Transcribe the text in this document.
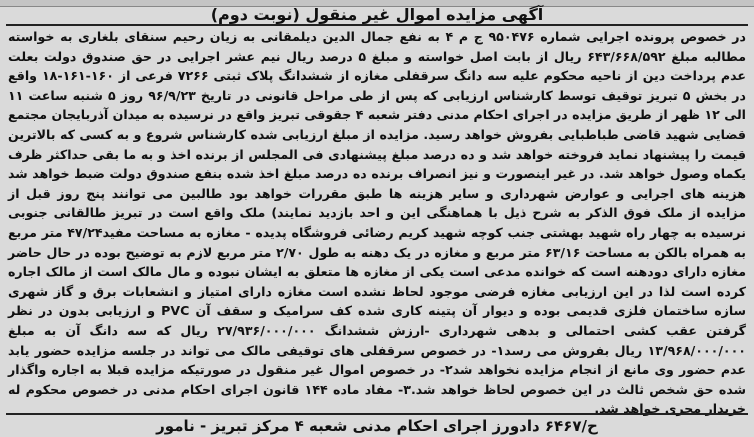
آگهی مزایده اموال غیر منقول (نوبت دوم)

در خصوص پرونده اجرایی شماره ۹۵۰۴۷۶ ج م ۴ به نفع جمال الدین دیلمقانی به زیان رحیم سنقای بلغاری به خواسته مطالبه مبلغ ۶۴۳/۶۶۸/۵۹۲ ریال از بابت اصل خواسته و مبلغ ۵ درصد ریال نیم عشر اجرایی در حق صندوق دولت بعلت عدم پرداخت دین از ناحیه محکوم علیه سه دانگ سرقفلی مغازه از ششدانگ پلاک ثبتی ۷۲۶۶ فرعی از ۱۶۰-۱۶۱-۱۸ واقع در بخش ۵ تبریز توقیف توسط کارشناس ارزیابی که پس از طی مراحل قانونی در تاریخ ۹۶/۹/۲۳ روز ۵ شنبه ساعت ۱۱ الی ۱۲ ظهر از طریق مزایده در اجرای احکام مدنی دفتر شعبه ۴ جقوقی تبریز واقع در نرسیده به میدان آذربایجان مجتمع قضایی شهید قاضی طباطبایی بفروش خواهد رسید. مزایده از مبلغ ارزیابی شده کارشناس شروع و به کسی که بالاترین قیمت را پیشنهاد نماید فروخته خواهد شد و ده درصد مبلغ پیشنهادی فی المجلس از برنده اخذ و به ما بقی حداکثر ظرف یکماه وصول خواهد شد. در غیر اینصورت و نیز انصراف برنده ده درصد مبلغ اخذ شده بنفع صندوق دولت ضبط خواهد شد هزینه های اجرایی و عوارض شهرداری و سایر هزینه ها طبق مقررات خواهد بود طالبین می توانند پنج روز قبل از مزایده از ملک فوق الذکر به شرح ذیل با هماهنگی این و احد بازدید نمایند) ملک واقع است در تبریز طالقانی جنوبی نرسیده به چهار راه شهید بهشتی جنب کوچه شهید کریم رضائی فروشگاه پدیده - مغازه به مساحت مفید۴۷/۲۴ متر مربع به همراه بالکن به مساحت ۶۳/۱۶ متر مربع و مغازه در یک دهنه به طول ۲/۷۰ متر مربع لازم به توضیح بوده در حال حاضر مغازه دارای دودهنه است که خوانده مدعی است یکی از مغازه ها متعلق به ایشان نبوده و مال مالک است از مالک اجاره کرده است لذا در این ارزیابی مغازه فرضی موجود لحاظ نشده است مغازه دارای امتیاز و انشعابات برق و گاز شهری سازه ساختمان فلزی قدیمی بوده و دیوار آن پتینه کاری شده کف سرامیک و سقف آن PVC و ارزیابی بدون در نظر گرفتن عقب کشی احتمالی و بدهی شهرداری -ارزش ششدانگ ۲۷/۹۳۶/۰۰۰/۰۰۰ ریال که سه دانگ آن به مبلغ ۱۳/۹۶۸/۰۰۰/۰۰۰ ریال بفروش می رسد۱- در خصوص سرقفلی های توقیفی مالک می تواند در جلسه مزایده حضور یابد عدم حضور وی مانع از انجام مزایده نخواهد شد۲- در خصوص اموال غیر منقول در صورتیکه مزایده قبلا به اجاره واگذار شده حق شخص ثالث در این خصوص لحاظ خواهد شد.۳- مفاد ماده ۱۴۴ قانون اجرای احکام مدنی در خصوص محکوم له خریدار مجری خواهد شد.

ح/۶۴۶۷ دادورز اجرای احکام مدنی شعبه ۴ مرکز تبریز - نامور
